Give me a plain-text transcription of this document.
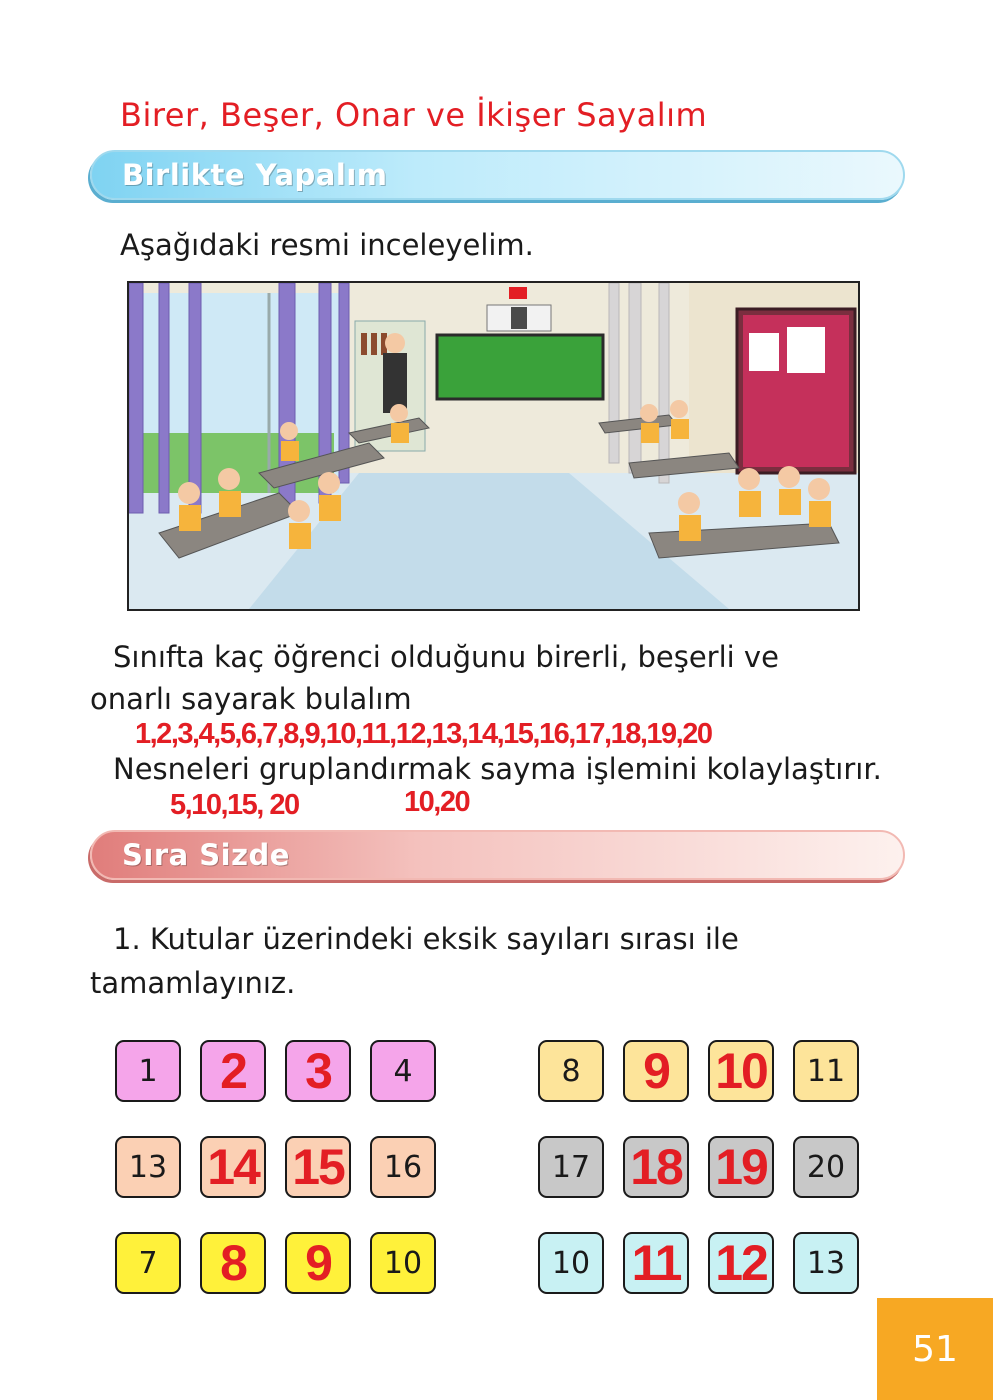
Birer, Beşer, Onar ve İkişer Sayalım
Birlikte Yapalım
Aşağıdaki resmi inceleyelim.
Sınıfta kaç öğrenci olduğunu birerli, beşerli ve
onarlı sayarak bulalım
1,2,3,4,5,6,7,8,9,10,11,12,13,14,15,16,17,18,19,20
Nesneleri gruplandırmak sayma işlemini kolaylaştırır.
5,10,15, 20	10,20
Sıra Sizde
1. Kutular üzerindeki eksik sayıları sırası ile
tamamlayınız.
1 2 3 4	8 9 10 11
13 14 15 16	17 18 19 20
7 8 9 10	10 11 12 13
51
